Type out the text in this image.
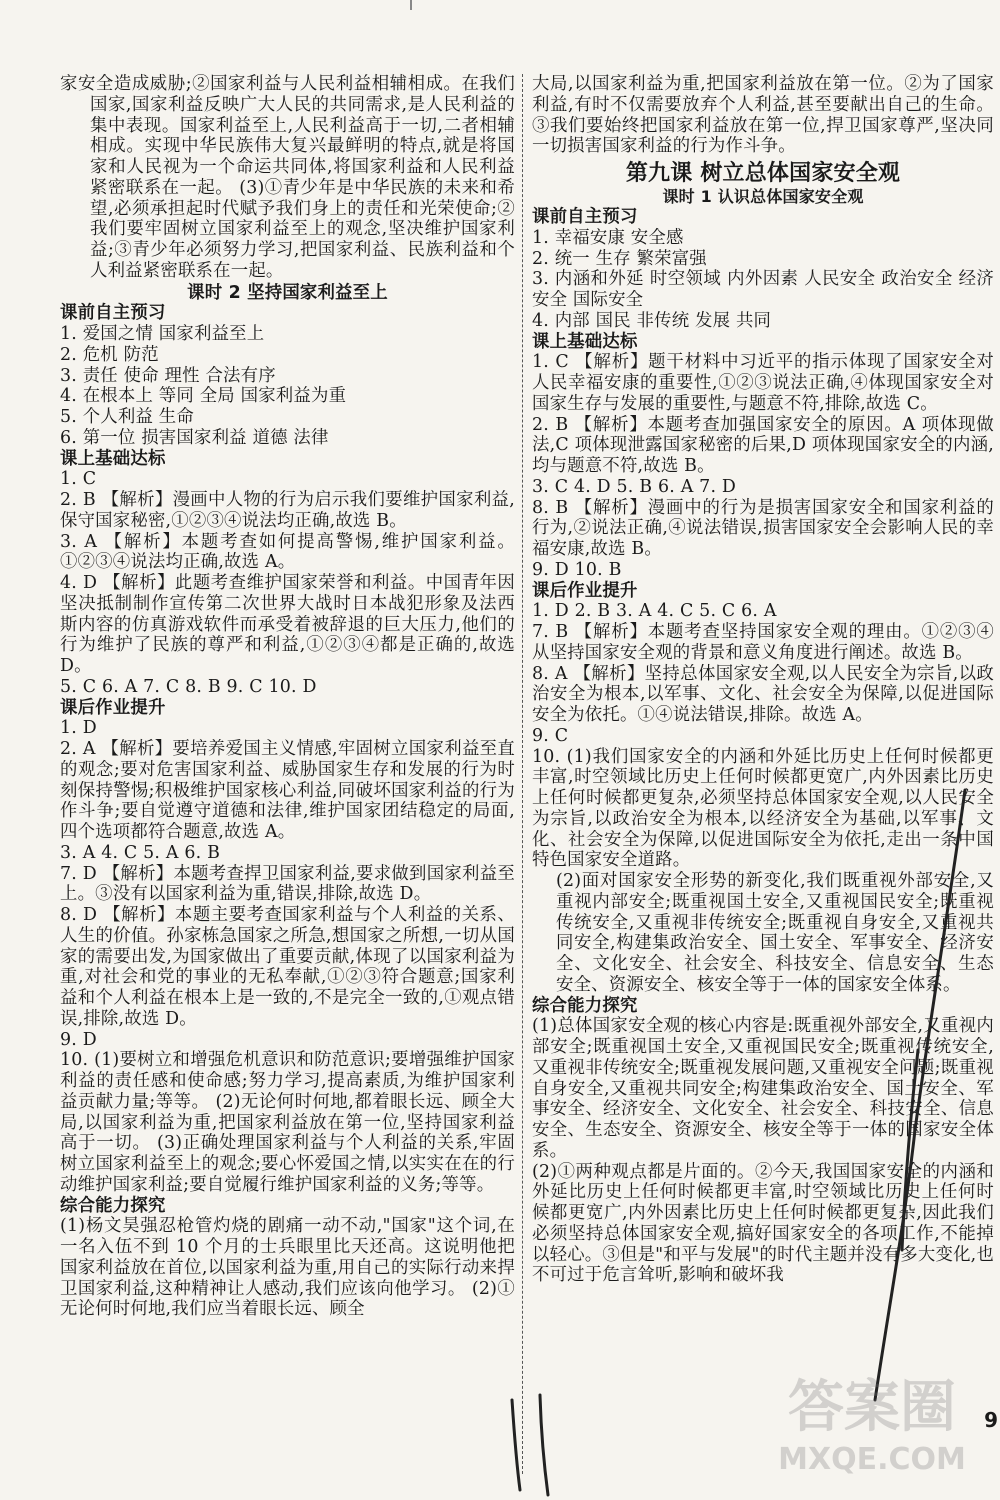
家安全造成威胁;②国家利益与人民利益相辅相成。在我们国家,国家利益反映广大人民的共同需求,是人民利益的集中表现。国家利益至上,人民利益高于一切,二者相辅相成。实现中华民族伟大复兴最鲜明的特点,就是将国家和人民视为一个命运共同体,将国家利益和人民利益紧密联系在一起。 (3)①青少年是中华民族的未来和希望,必须承担起时代赋予我们身上的责任和光荣使命;②我们要牢固树立国家利益至上的观念,坚决维护国家利益;③青少年必须努力学习,把国家利益、民族利益和个人利益紧密联系在一起。
课时 2 坚持国家利益至上
课前自主预习
1. 爱国之情 国家利益至上
2. 危机 防范
3. 责任 使命 理性 合法有序
4. 在根本上 等同 全局 国家利益为重
5. 个人利益 生命
6. 第一位 损害国家利益 道德 法律
课上基础达标
1. C
2. B 【解析】漫画中人物的行为启示我们要维护国家利益,保守国家秘密,①②③④说法均正确,故选 B。
3. A 【解析】本题考查如何提高警惕,维护国家利益。①②③④说法均正确,故选 A。
4. D 【解析】此题考查维护国家荣誉和利益。中国青年因坚决抵制制作宣传第二次世界大战时日本战犯形象及法西斯内容的仿真游戏软件而承受着被辞退的巨大压力,他们的行为维护了民族的尊严和利益,①②③④都是正确的,故选 D。
5. C 6. A 7. C 8. B 9. C 10. D
课后作业提升
1. D
2. A 【解析】要培养爱国主义情感,牢固树立国家利益至直的观念;要对危害国家利益、威胁国家生存和发展的行为时刻保持警惕;积极维护国家核心利益,同破坏国家利益的行为作斗争;要自觉遵守道德和法律,维护国家团结稳定的局面,四个选项都符合题意,故选 A。
3. A 4. C 5. A 6. B
7. D 【解析】本题考查捍卫国家利益,要求做到国家利益至上。③没有以国家利益为重,错误,排除,故选 D。
8. D 【解析】本题主要考查国家利益与个人利益的关系、人生的价值。孙家栋急国家之所急,想国家之所想,一切从国家的需要出发,为国家做出了重要贡献,体现了以国家利益为重,对社会和党的事业的无私奉献,①②③符合题意;国家利益和个人利益在根本上是一致的,不是完全一致的,①观点错误,排除,故选 D。
9. D
10. (1)要树立和增强危机意识和防范意识;要增强维护国家利益的责任感和使命感;努力学习,提高素质,为维护国家利益贡献力量;等等。 (2)无论何时何地,都着眼长远、顾全大局,以国家利益为重,把国家利益放在第一位,坚持国家利益高于一切。 (3)正确处理国家利益与个人利益的关系,牢固树立国家利益至上的观念;要心怀爱国之情,以实实在在的行动维护国家利益;要自觉履行维护国家利益的义务;等等。
综合能力探究
(1)杨文昊强忍枪管灼烧的剧痛一动不动,"国家"这个词,在一名入伍不到 10 个月的士兵眼里比天还高。这说明他把国家利益放在首位,以国家利益为重,用自己的实际行动来捍卫国家利益,这种精神让人感动,我们应该向他学习。 (2)①无论何时何地,我们应当着眼长远、顾全
大局,以国家利益为重,把国家利益放在第一位。②为了国家利益,有时不仅需要放弃个人利益,甚至要献出自己的生命。③我们要始终把国家利益放在第一位,捍卫国家尊严,坚决同一切损害国家利益的行为作斗争。
第九课 树立总体国家安全观
课时 1 认识总体国家安全观
课前自主预习
1. 幸福安康 安全感
2. 统一 生存 繁荣富强
3. 内涵和外延 时空领域 内外因素 人民安全 政治安全 经济安全 国际安全
4. 内部 国民 非传统 发展 共同
课上基础达标
1. C 【解析】题干材料中习近平的指示体现了国家安全对人民幸福安康的重要性,①②③说法正确,④体现国家安全对国家生存与发展的重要性,与题意不符,排除,故选 C。
2. B 【解析】本题考查加强国家安全的原因。A 项体现做法,C 项体现泄露国家秘密的后果,D 项体现国家安全的内涵,均与题意不符,故选 B。
3. C 4. D 5. B 6. A 7. D
8. B 【解析】漫画中的行为是损害国家安全和国家利益的行为,②说法正确,④说法错误,损害国家安全会影响人民的幸福安康,故选 B。
9. D 10. B
课后作业提升
1. D 2. B 3. A 4. C 5. C 6. A
7. B 【解析】本题考查坚持国家安全观的理由。①②③④从坚持国家安全观的背景和意义角度进行阐述。故选 B。
8. A 【解析】坚持总体国家安全观,以人民安全为宗旨,以政治安全为根本,以军事、文化、社会安全为保障,以促进国际安全为依托。①④说法错误,排除。故选 A。
9. C
10. (1)我们国家安全的内涵和外延比历史上任何时候都更丰富,时空领域比历史上任何时候都更宽广,内外因素比历史上任何时候都更复杂,必须坚持总体国家安全观,以人民安全为宗旨,以政治安全为根本,以经济安全为基础,以军事、文化、社会安全为保障,以促进国际安全为依托,走出一条中国特色国家安全道路。
(2)面对国家安全形势的新变化,我们既重视外部安全,又重视内部安全;既重视国土安全,又重视国民安全;既重视传统安全,又重视非传统安全;既重视自身安全,又重视共同安全,构建集政治安全、国土安全、军事安全、经济安全、文化安全、社会安全、科技安全、信息安全、生态安全、资源安全、核安全等于一体的国家安全体系。
综合能力探究
(1)总体国家安全观的核心内容是:既重视外部安全,又重视内部安全;既重视国土安全,又重视国民安全;既重视传统安全,又重视非传统安全;既重视发展问题,又重视安全问题;既重视自身安全,又重视共同安全;构建集政治安全、国土安全、军事安全、经济安全、文化安全、社会安全、科技安全、信息安全、生态安全、资源安全、核安全等于一体的国家安全体系。
(2)①两种观点都是片面的。②今天,我国国家安全的内涵和外延比历史上任何时候都更丰富,时空领域比历史上任何时候都更宽广,内外因素比历史上任何时候都更复杂,因此我们必须坚持总体国家安全观,搞好国家安全的各项工作,不能掉以轻心。③但是"和平与发展"的时代主题并没有多大变化,也不可过于危言耸听,影响和破坏我
9
答案圈
MXQE.COM
